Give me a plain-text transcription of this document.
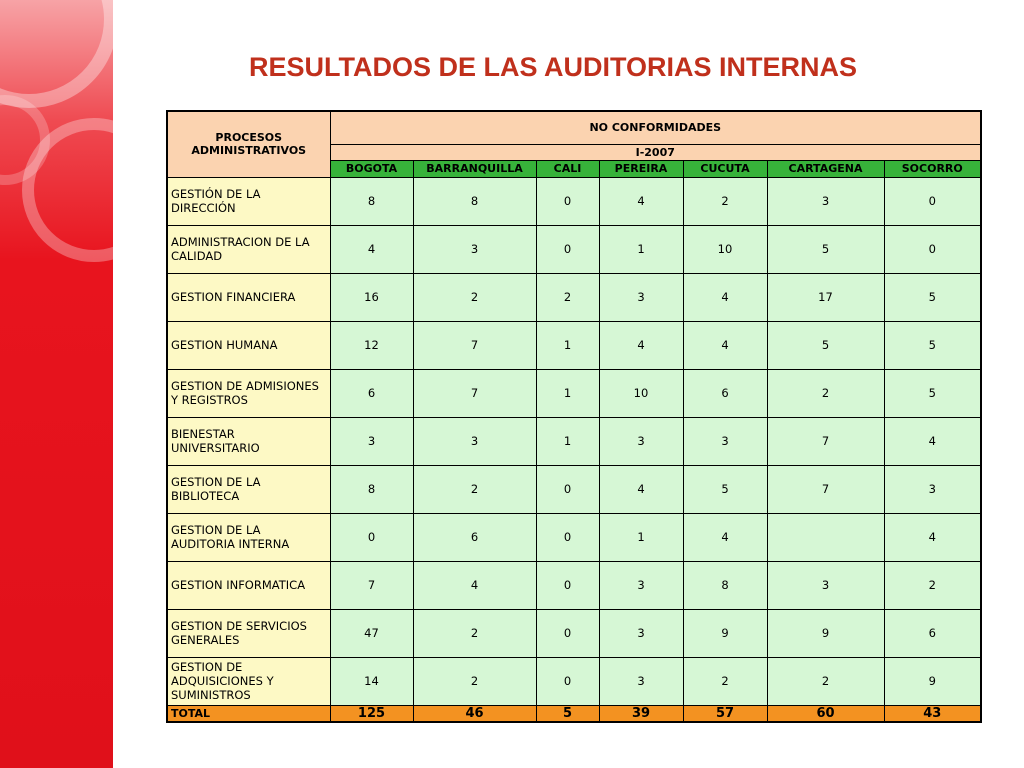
RESULTADOS DE LAS AUDITORIAS INTERNAS
PROCESOS ADMINISTRATIVOS	NO CONFORMIDADES						
	I-2007						
	BOGOTA	BARRANQUILLA	CALI	PEREIRA	CUCUTA	CARTAGENA	SOCORRO
GESTIÓN DE LA DIRECCIÓN	8	8	0	4	2	3	0
ADMINISTRACION DE LA CALIDAD	4	3	0	1	10	5	0
GESTION FINANCIERA	16	2	2	3	4	17	5
GESTION HUMANA	12	7	1	4	4	5	5
GESTION DE ADMISIONES Y REGISTROS	6	7	1	10	6	2	5
BIENESTAR UNIVERSITARIO	3	3	1	3	3	7	4
GESTION DE LA BIBLIOTECA	8	2	0	4	5	7	3
GESTION DE LA AUDITORIA INTERNA	0	6	0	1	4		4
GESTION INFORMATICA	7	4	0	3	8	3	2
GESTION DE SERVICIOS GENERALES	47	2	0	3	9	9	6
GESTION DE ADQUISICIONES Y SUMINISTROS	14	2	0	3	2	2	9
TOTAL	125	46	5	39	57	60	43
